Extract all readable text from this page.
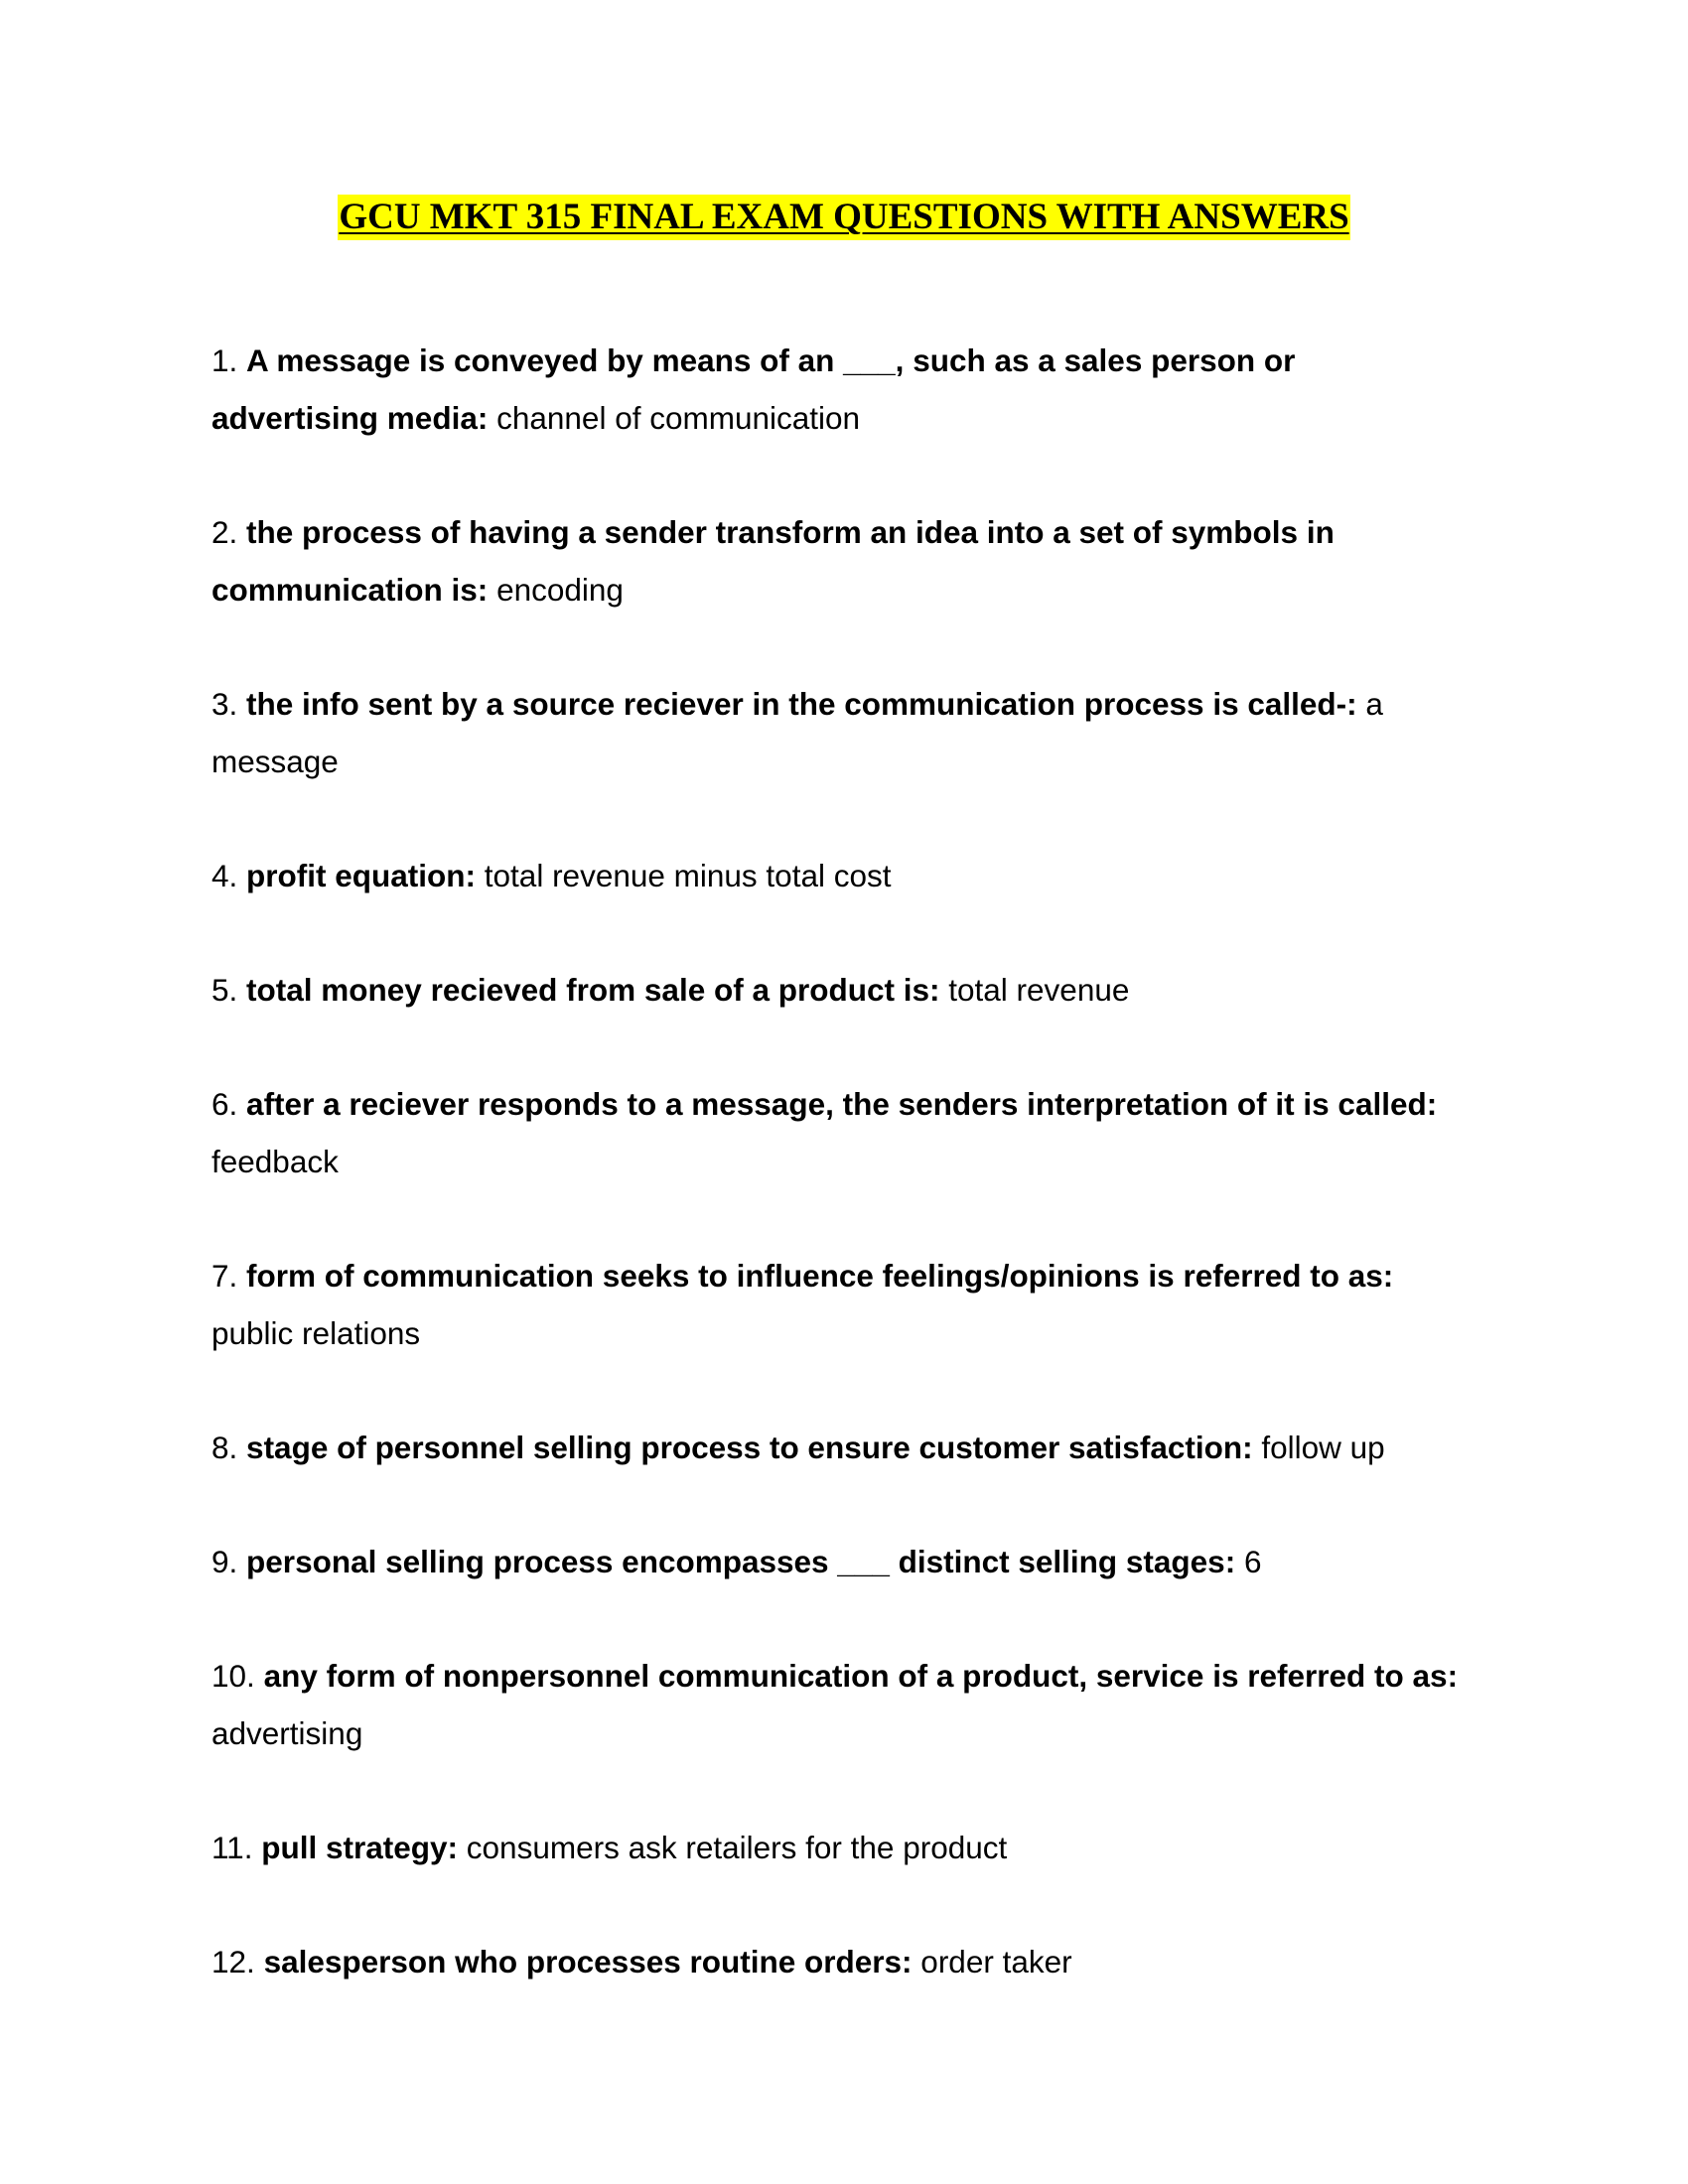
GCU MKT 315 FINAL EXAM QUESTIONS WITH ANSWERS
1. A message is conveyed by means of an ___, such as a sales person or advertising media: channel of communication
2. the process of having a sender transform an idea into a set of symbols in communication is: encoding
3. the info sent by a source reciever in the communication process is called-: a message
4. profit equation: total revenue minus total cost
5. total money recieved from sale of a product is: total revenue
6. after a reciever responds to a message, the senders interpretation of it is called: feedback
7. form of communication seeks to influence feelings/opinions is referred to as: public relations
8. stage of personnel selling process to ensure customer satisfaction: follow up
9. personal selling process encompasses ___ distinct selling stages: 6
10. any form of nonpersonnel communication of a product, service is referred to as: advertising
11. pull strategy: consumers ask retailers for the product
12. salesperson who processes routine orders: order taker
